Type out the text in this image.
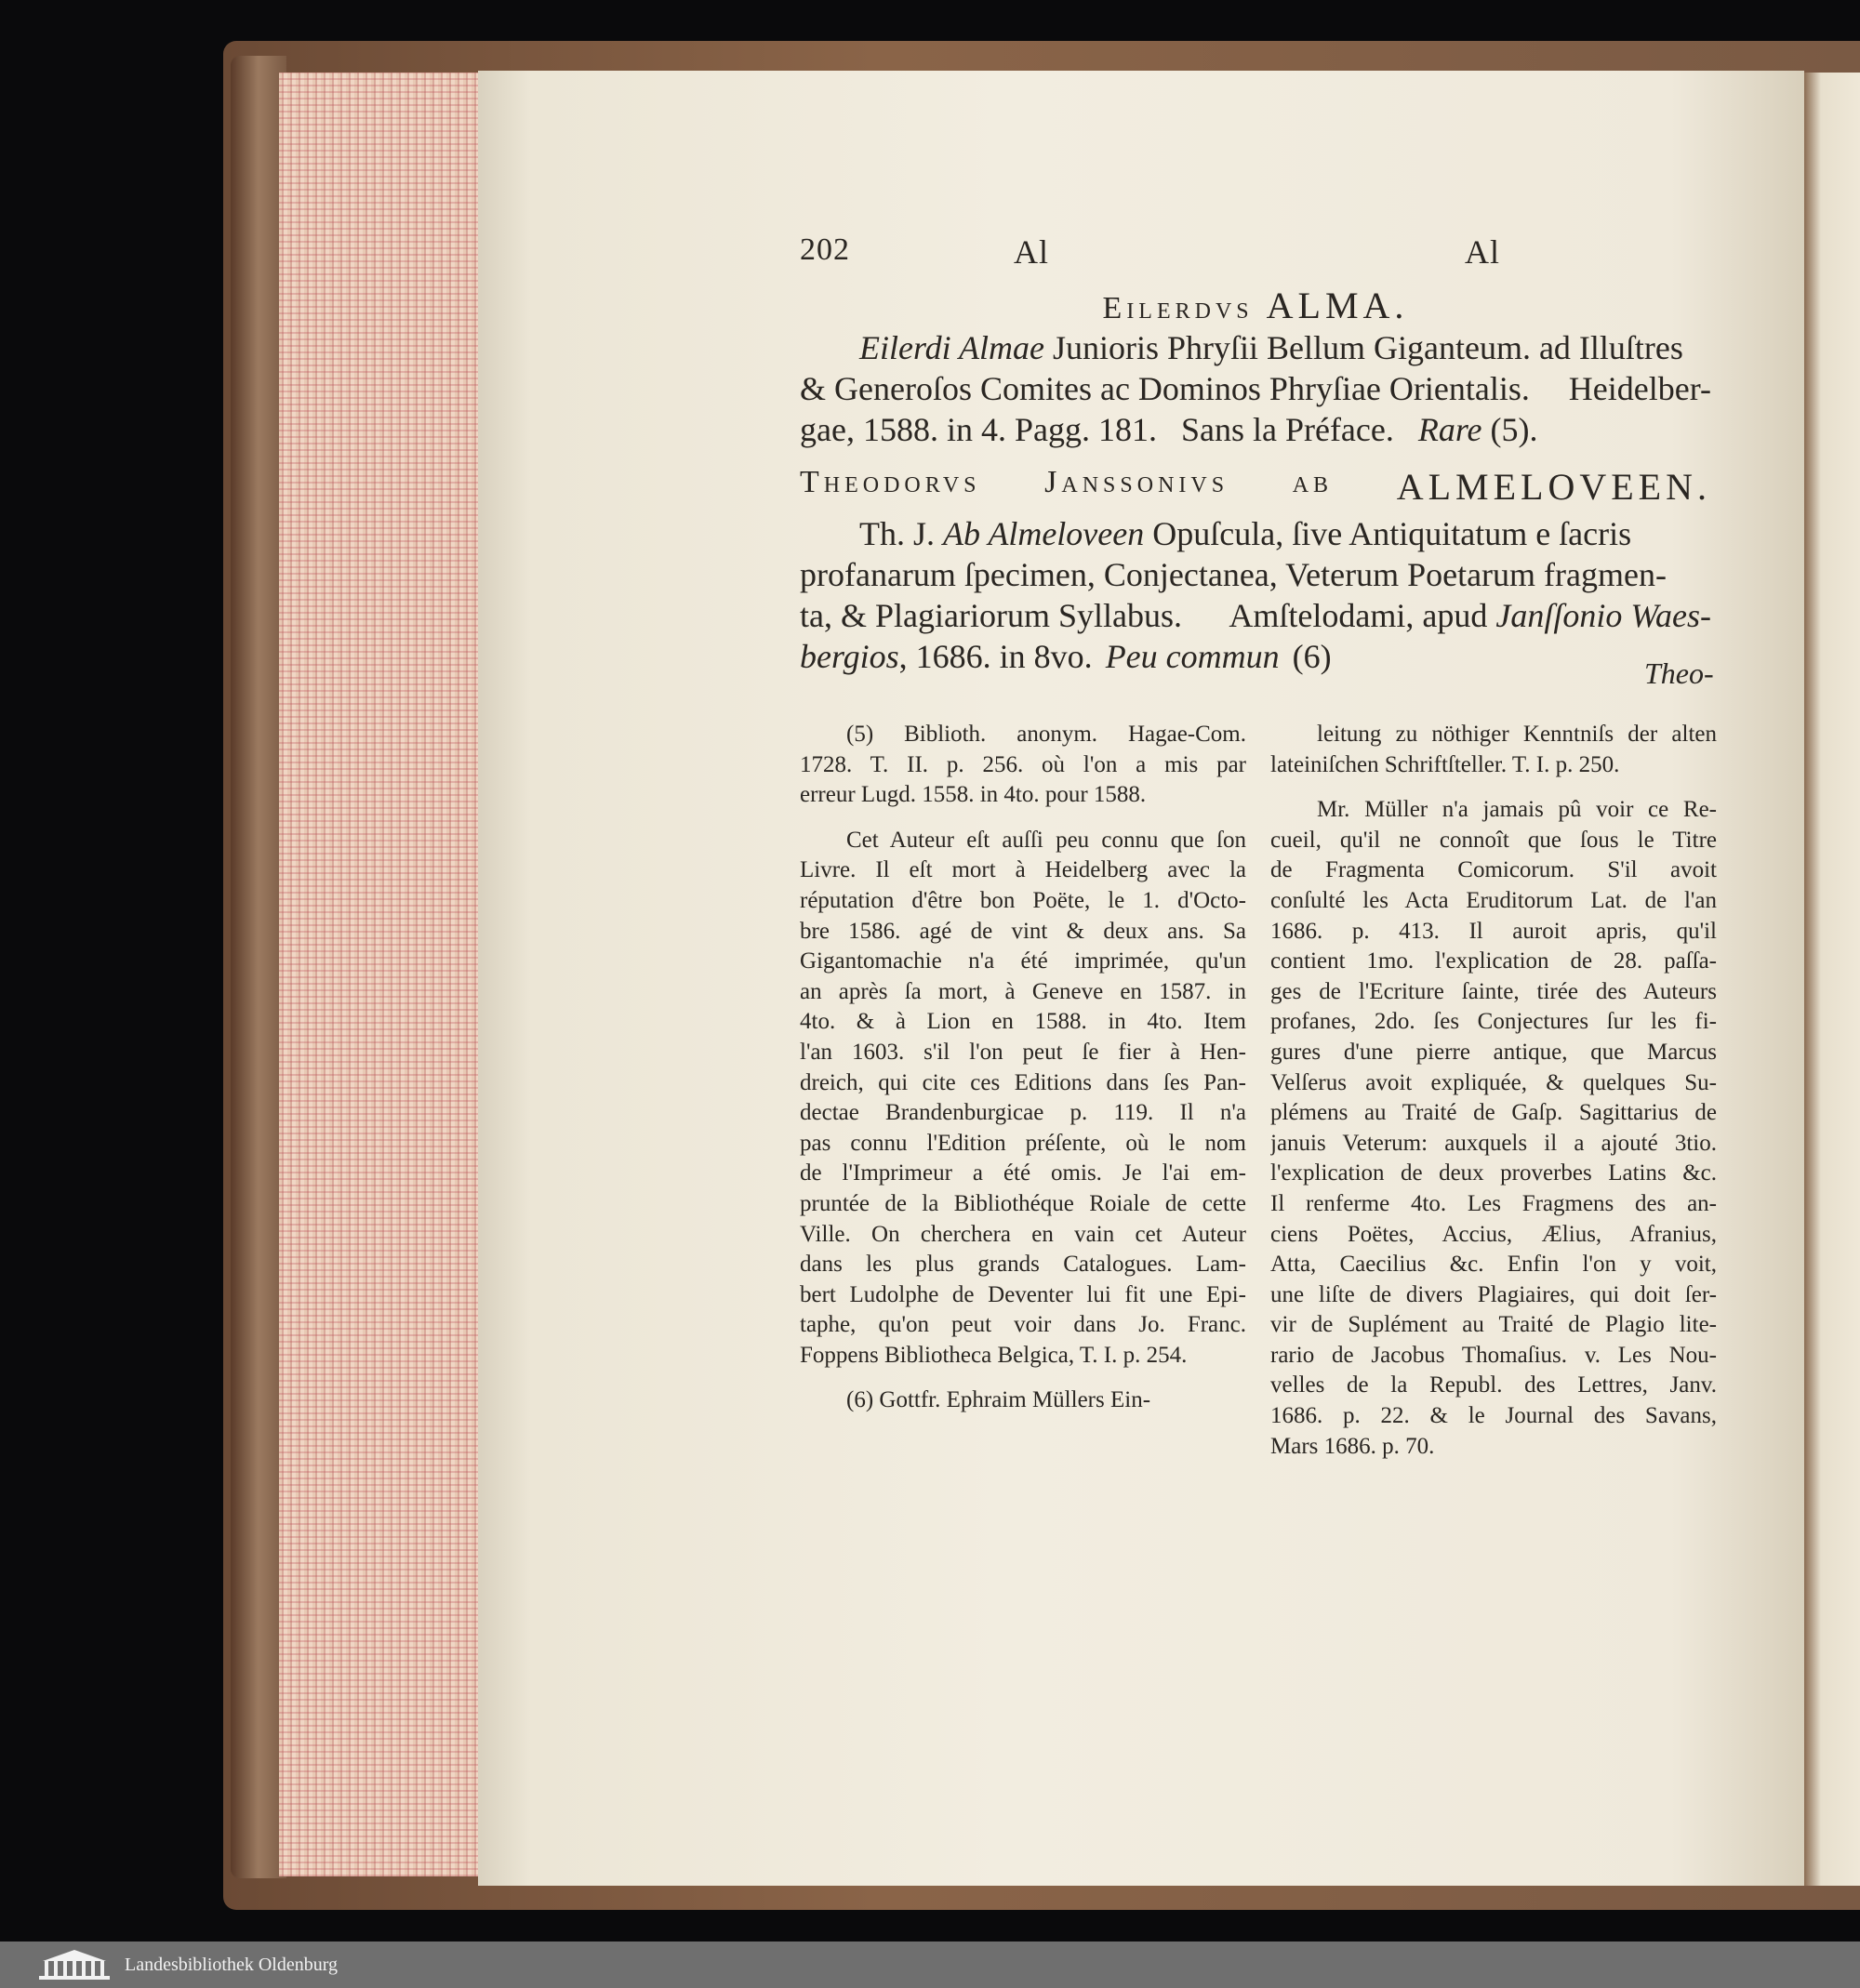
202	Al	Al
Eilerdvs ALMA.
Eilerdi Almae Junioris Phryſii Bellum Giganteum. ad Illuſtres
& Generoſos Comites ac Dominos Phryſiae Orientalis. Heidelber-
gae, 1588. in 4. Pagg. 181. Sans la Préface. Rare (5).
Theodorvs Janssonivs ab ALMELOVEEN.
Th. J. Ab Almeloveen Opuſcula, ſive Antiquitatum e ſacris
profanarum ſpecimen, Conjectanea, Veterum Poetarum fragmen-
ta, & Plagiariorum Syllabus. Amſtelodami, apud Janſſonio Waes-
bergios, 1686. in 8vo. Peu commun (6)	Theo-
(5) Biblioth. anonym. Hagae-Com.
1728. T. II. p. 256. où l'on a mis par
erreur Lugd. 1558. in 4to. pour 1588.
Cet Auteur eſt auſſi peu connu que ſon
Livre. Il eſt mort à Heidelberg avec la
réputation d'être bon Poëte, le 1. d'Octo-
bre 1586. agé de vint & deux ans. Sa
Gigantomachie n'a été imprimée, qu'un
an après ſa mort, à Geneve en 1587. in
4to. & à Lion en 1588. in 4to. Item
l'an 1603. s'il l'on peut ſe fier à Hen-
dreich, qui cite ces Editions dans ſes Pan-
dectae Brandenburgicae p. 119. Il n'a
pas connu l'Edition préſente, où le nom
de l'Imprimeur a été omis. Je l'ai em-
pruntée de la Bibliothéque Roiale de cette
Ville. On cherchera en vain cet Auteur
dans les plus grands Catalogues. Lam-
bert Ludolphe de Deventer lui fit une Epi-
taphe, qu'on peut voir dans Jo. Franc.
Foppens Bibliotheca Belgica, T. I. p. 254.
(6) Gottfr. Ephraim Müllers Ein-
leitung zu nöthiger Kenntniſs der alten
lateiniſchen Schriftſteller. T. I. p. 250.
Mr. Müller n'a jamais pû voir ce Re-
cueil, qu'il ne connoît que ſous le Titre
de Fragmenta Comicorum. S'il avoit
conſulté les Acta Eruditorum Lat. de l'an
1686. p. 413. Il auroit apris, qu'il
contient 1mo. l'explication de 28. paſſa-
ges de l'Ecriture ſainte, tirée des Auteurs
profanes, 2do. ſes Conjectures ſur les fi-
gures d'une pierre antique, que Marcus
Velſerus avoit expliquée, & quelques Su-
plémens au Traité de Gaſp. Sagittarius de
januis Veterum: auxquels il a ajouté 3tio.
l'explication de deux proverbes Latins &c.
Il renferme 4to. Les Fragmens des an-
ciens Poëtes, Accius, Ælius, Afranius,
Atta, Caecilius &c. Enfin l'on y voit,
une liſte de divers Plagiaires, qui doit ſer-
vir de Suplément au Traité de Plagio lite-
rario de Jacobus Thomaſius. v. Les Nou-
velles de la Republ. des Lettres, Janv.
1686. p. 22. & le Journal des Savans,
Mars 1686. p. 70.
Landesbibliothek Oldenburg
